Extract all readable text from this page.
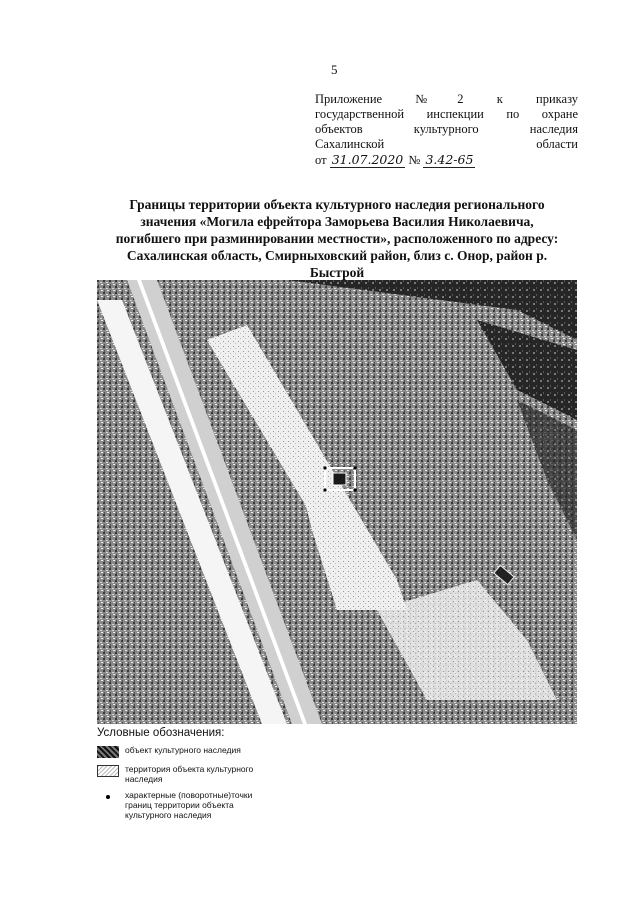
5
Приложение №2 к приказу
государственной инспекции по охране
объектов культурного наследия
Сахалинской области
от 31.07.2020 № 3.42-65
Границы территории объекта культурного наследия регионального
значения «Могила ефрейтора Заморьева Василия Николаевича,
погибшего при разминировании местности», расположенного по адресу:
Сахалинская область, Смирныховский район, близ с. Онор, район р.
Быстрой
Условные обозначения:
объект культурного наследия
территория объекта культурного
наследия
характерные (поворотные)точки
границ территории объекта
культурного наследия
